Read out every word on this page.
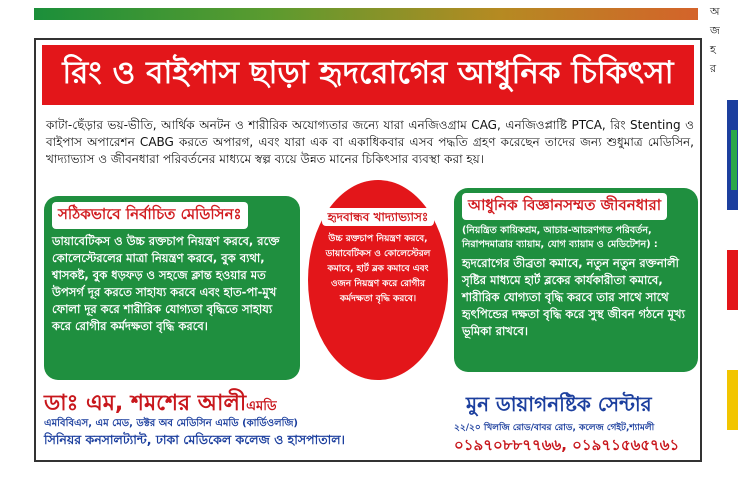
অ
জ
হ
র
রিং ও বাইপাস ছাড়া হৃদরোগের আধুনিক চিকিৎসা
কাটা-ছেঁড়ার ভয়-ভীতি, আর্থিক অনটন ও শারীরিক অযোগ্যতার জন্যে যারা এনজিওগ্রাম CAG, এনজিওপ্লাষ্টি PTCA, রিং Stenting ও বাইপাস অপারেশন CABG করতে অপারগ, এবং যারা এক বা একাধিকবার এসব পদ্ধতি গ্রহণ করেছেন তাদের জন্য শুধুমাত্র মেডিসিন, খাদ্যাভ্যাস ও জীবনধারা পরিবর্তনের মাধ্যমে স্বল্প ব্যয়ে উন্নত মানের চিকিৎসার ব্যবস্থা করা হয়।
সঠিকভাবে নির্বাচিত মেডিসিনঃ
ডায়াবেটিকস ও উচ্চ রক্তচাপ নিয়ন্ত্রণ করবে, রক্তে কোলেস্টেরলের মাত্রা নিয়ন্ত্রণ করবে, বুক ব্যথা, শ্বাসকষ্ট, বুক ধড়ফড় ও সহজে ক্লান্ত হওয়ার মত উপসর্গ দূর করতে সাহায্য করবে এবং হাত-পা-মুখ ফোলা দূর করে শারীরিক যোগ্যতা বৃদ্ধিতে সাহায্য করে রোগীর কর্মদক্ষতা বৃদ্ধি করবে।
হৃদবান্ধব খাদ্যাভ্যাসঃ
উচ্চ রক্তচাপ নিয়ন্ত্রণ করবে, ডায়াবেটিকস ও কোলেস্টেরল কমাবে, হার্ট ব্লক কমাবে এবং ওজন নিয়ন্ত্রণ করে রোগীর কর্মদক্ষতা বৃদ্ধি করবে।
আধুনিক বিজ্ঞানসম্মত জীবনধারা
(নিয়ন্ত্রিত কায়িকশ্রম, আচার-আচরণগত পরিবর্তন, নিরাপদমাত্রার ব্যায়াম, যোগ ব্যায়াম ও মেডিটেশন) :
হৃদরোগের তীব্রতা কমাবে, নতুন নতুন রক্তনালী সৃষ্টির মাধ্যমে হার্ট ব্লকের কার্যকারীতা কমাবে, শারীরিক যোগ্যতা বৃদ্ধি করবে তার সাথে সাথে হৃৎপিন্ডের দক্ষতা বৃদ্ধি করে সুস্থ জীবন গঠনে মূখ্য ভূমিকা রাখবে।
ডাঃ এম, শমশের আলীএমডি
এমবিবিএস, এম মেড, ডক্টর অব মেডিসিন এমডি (কার্ডিওলজি)
সিনিয়র কনসালট্যান্ট, ঢাকা মেডিকেল কলেজ ও হাসপাতাল।
মুন ডায়াগনষ্টিক সেন্টার
২২/২০ খিলজি রোড/বাবর রোড, কলেজ গেইট,শ্যামলী
০১৯৭০৮৮৭৭৬৬, ০১৯৭১৫৬৫৭৬১
